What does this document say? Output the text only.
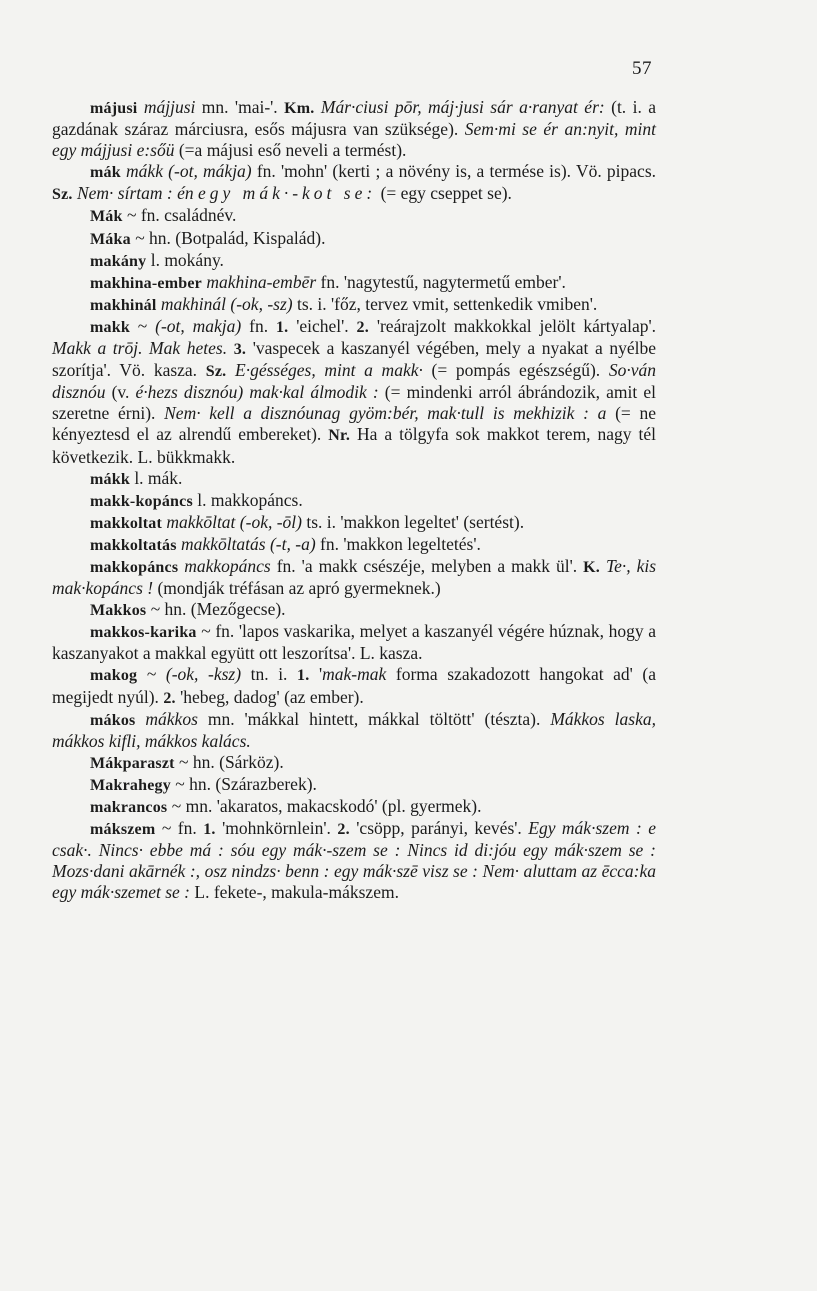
57

májusi májjusi mn. 'mai-'. Km. Már·ciusi pōr, máj·jusi sár a·ranyat ér: (t. i. a gazdának száraz márciusra, esős májusra van szüksége). Sem·mi se ér an:nyit, mint egy májjusi e:sőü (=a májusi eső neveli a termést).

mák mákk (-ot, mákja) fn. 'mohn' (kerti ; a növény is, a termése is). Vö. pipacs. Sz. Nem· sírtam : én egy mák·-kot se: (= egy cseppet se).

Mák ~ fn. családnév.

Máka ~ hn. (Botpalád, Kispalád).

makány l. mokány.

makhina-ember makhina-embēr fn. 'nagytestű, nagytermetű ember'.

makhinál makhinál (-ok, -sz) ts. i. 'főz, tervez vmit, settenkedik vmiben'.

makk ~ (-ot, makja) fn. 1. 'eichel'. 2. 'reárajzolt makkokkal jelölt kártyalap'. Makk a trōj. Mak hetes. 3. 'vaspecek a kaszanyél végében, mely a nyakat a nyélbe szorítja'. Vö. kasza. Sz. E·gésséges, mint a makk· (= pompás egészségű). So·ván disznóu (v. é·hezs disznóu) mak·kal álmodik : (= mindenki arról ábrándozik, amit el szeretne érni). Nem· kell a disznóunag gyöm:bér, mak·tull is mekhizik : a (= ne kényeztesd el az alrendű embereket). Nr. Ha a tölgyfa sok makkot terem, nagy tél következik. L. bükkmakk.

mákk l. mák.

makk-kopáncs l. makkopáncs.

makkoltat makkōltat (-ok, -ōl) ts. i. 'makkon legeltet' (sertést).

makkoltatás makkōltatás (-t, -a) fn. 'makkon legeltetés'.

makkopáncs makkopáncs fn. 'a makk csészéje, melyben a makk ül'. K. Te·, kis mak·kopáncs ! (mondják tréfásan az apró gyermeknek.)

Makkos ~ hn. (Mezőgecse).

makkos-karika ~ fn. 'lapos vaskarika, melyet a kaszanyél végére húznak, hogy a kaszanyakot a makkal együtt ott leszorítsa'. L. kasza.

makog ~ (-ok, -ksz) tn. i. 1. 'mak-mak forma szakadozott hangokat ad' (a megijedt nyúl). 2. 'hebeg, dadog' (az ember).

mákos mákkos mn. 'mákkal hintett, mákkal töltött' (tészta). Mákkos laska, mákkos kifli, mákkos kalács.

Mákparaszt ~ hn. (Sárköz).

Makrahegy ~ hn. (Szárazberek).

makrancos ~ mn. 'akaratos, makacskodó' (pl. gyermek).

mákszem ~ fn. 1. 'mohnkörnlein'. 2. 'csöpp, parányi, kevés'. Egy mák·szem : e csak·. Nincs· ebbe má : sóu egy mák·-szem se : Nincs id di:jóu egy mák·szem se : Mozs·dani akārnék :, osz nindzs· benn : egy mák·szē visz se : Nem· aluttam az ēcca:ka egy mák·szemet se : L. fekete-, makula-mákszem.
